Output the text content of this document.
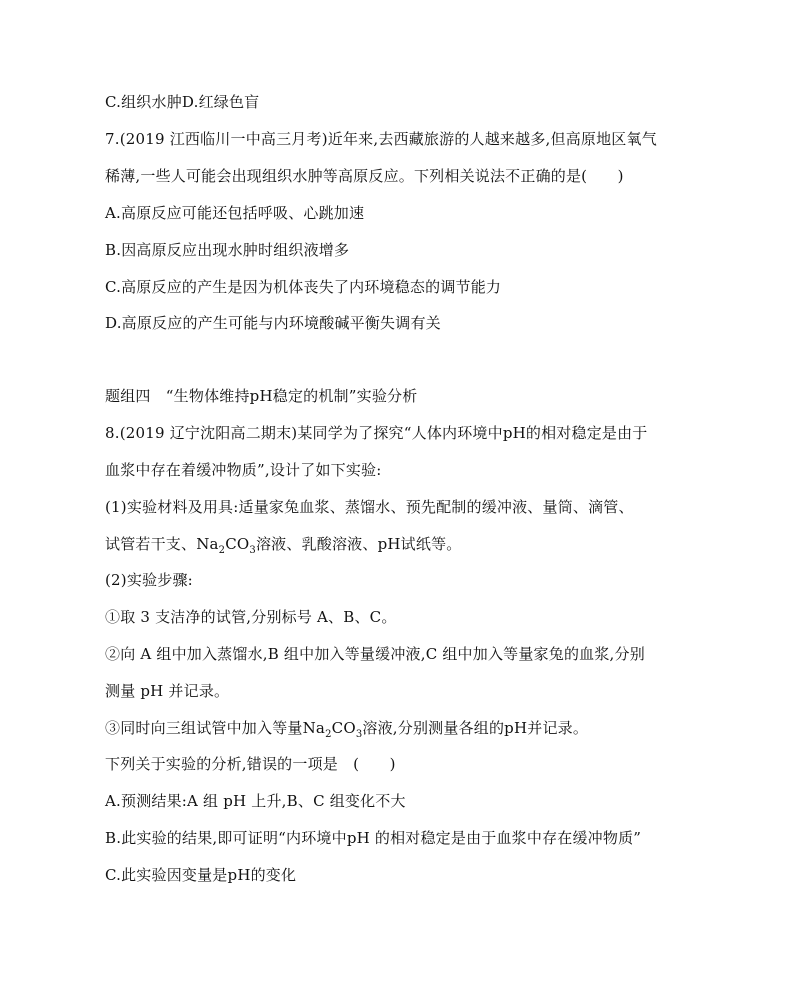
C.组织水肿D.红绿色盲
7.(2019 江西临川一中高三月考)近年来,去西藏旅游的人越来越多,但高原地区氧气
稀薄,一些人可能会出现组织水肿等高原反应。下列相关说法不正确的是(　　)
A.高原反应可能还包括呼吸、心跳加速
B.因高原反应出现水肿时组织液增多
C.高原反应的产生是因为机体丧失了内环境稳态的调节能力
D.高原反应的产生可能与内环境酸碱平衡失调有关
题组四　“生物体维持pH稳定的机制”实验分析
8.(2019 辽宁沈阳高二期末)某同学为了探究“人体内环境中pH的相对稳定是由于
血浆中存在着缓冲物质”,设计了如下实验:
(1)实验材料及用具:适量家兔血浆、蒸馏水、预先配制的缓冲液、量筒、滴管、
试管若干支、$Na_2CO_3$溶液、乳酸溶液、pH试纸等。
(2)实验步骤:
①取 3 支洁净的试管,分别标号 A、B、C。
②向 A 组中加入蒸馏水,B 组中加入等量缓冲液,C 组中加入等量家兔的血浆,分别
测量 pH 并记录。
③同时向三组试管中加入等量$Na_2CO_3$溶液,分别测量各组的pH并记录。
下列关于实验的分析,错误的一项是　(　　)
A.预测结果:A 组 pH 上升,B、C 组变化不大
B.此实验的结果,即可证明“内环境中pH 的相对稳定是由于血浆中存在缓冲物质”
C.此实验因变量是pH的变化
